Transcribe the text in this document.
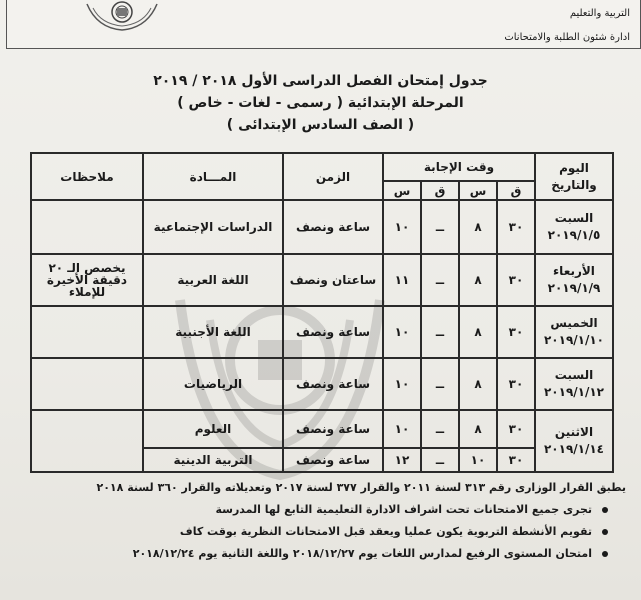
التربية والتعليم
ادارة شئون الطلبة والامتحانات
جدول إمتحان الفصل الدراسى الأول ٢٠١٨ / ٢٠١٩
المرحلة الإبتدائية ( رسمى - لغات - خاص )
( الصف السادس الإبتدائى )
اليوم والتاريخ	وقت الإجابة				الزمن	المـــادة	ملاحظات
	ق	س	ق	س			

السبت
٢٠١٩/١/٥	٣٠	٨	ــ	١٠	ساعة ونصف	الدراسات الإجتماعية	

الأربعاء
٢٠١٩/١/٩	٣٠	٨	ــ	١١	ساعتان ونصف	اللغة العربية	يخصص الـ ٢٠ دقيقة الأخيرة للإملاء

الخميس
٢٠١٩/١/١٠	٣٠	٨	ــ	١٠	ساعة ونصف	اللغة الأجنبية	

السبت
٢٠١٩/١/١٢	٣٠	٨	ــ	١٠	ساعة ونصف	الرياضيات	

الاثنين
٢٠١٩/١/١٤	٣٠	٨	ــ	١٠	ساعة ونصف	العلوم	
	٣٠	١٠	ــ	١٢	ساعة ونصف	التربية الدينية	
يطبق القرار الوزارى رقم ٣١٣ لسنة ٢٠١١ والقرار ٣٧٧ لسنة ٢٠١٧ وتعديلاته والقرار ٣٦٠ لسنة ٢٠١٨
تجرى جميع الامتحانات تحت اشراف الادارة التعليمية التابع لها المدرسة
تقويم الأنشطة التربوية يكون عمليا ويعقد قبل الامتحانات النظرية بوقت كاف
امتحان المستوى الرفيع لمدارس اللغات يوم ٢٠١٨/١٢/٢٧ واللغة الثانية يوم ٢٠١٨/١٢/٢٤
